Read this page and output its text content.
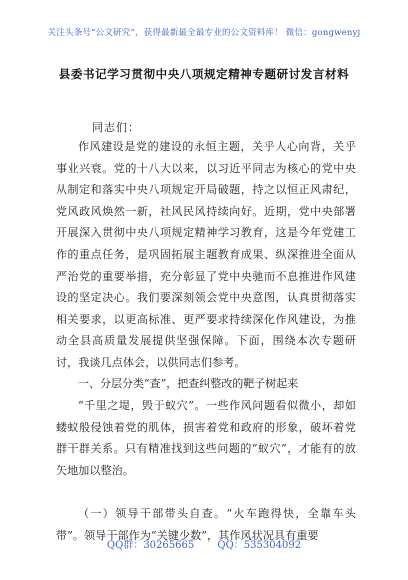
关注头条号“公文研究”，获得最新最全最专业的公文资料库！ 微信：gongwenyj
县委书记学习贯彻中央八项规定精神专题研讨发言材料
同志们：
作风建设是党的建设的永恒主题，关乎人心向背，关乎事业兴衰。党的十八大以来，以习近平同志为核心的党中央从制定和落实中央八项规定开局破题，持之以恒正风肃纪，党风政风焕然一新，社风民风持续向好。近期，党中央部署开展深入贯彻中央八项规定精神学习教育，这是今年党建工作的重点任务，是巩固拓展主题教育成果、纵深推进全面从严治党的重要举措，充分彰显了党中央驰而不息推进作风建设的坚定决心。我们要深刻领会党中央意图，认真贯彻落实相关要求，以更高标准、更严要求持续深化作风建设，为推动全县高质量发展提供坚强保障。下面，围绕本次专题研讨，我谈几点体会，以供同志们参考。
一、分层分类“查”，把查纠整改的靶子树起来
“千里之堤，毁于蚁穴”。一些作风问题看似微小，却如蝼蚁般侵蚀着党的肌体，损害着党和政府的形象，破坏着党群干群关系。只有精准找到这些问题的“蚁穴”，才能有的放矢地加以整治。
（一）领导干部带头自查。“火车跑得快，全靠车头带”。领导干部作为“关键少数”，其作风状况具有重要
QQ群：30265665 QQ：535304092
